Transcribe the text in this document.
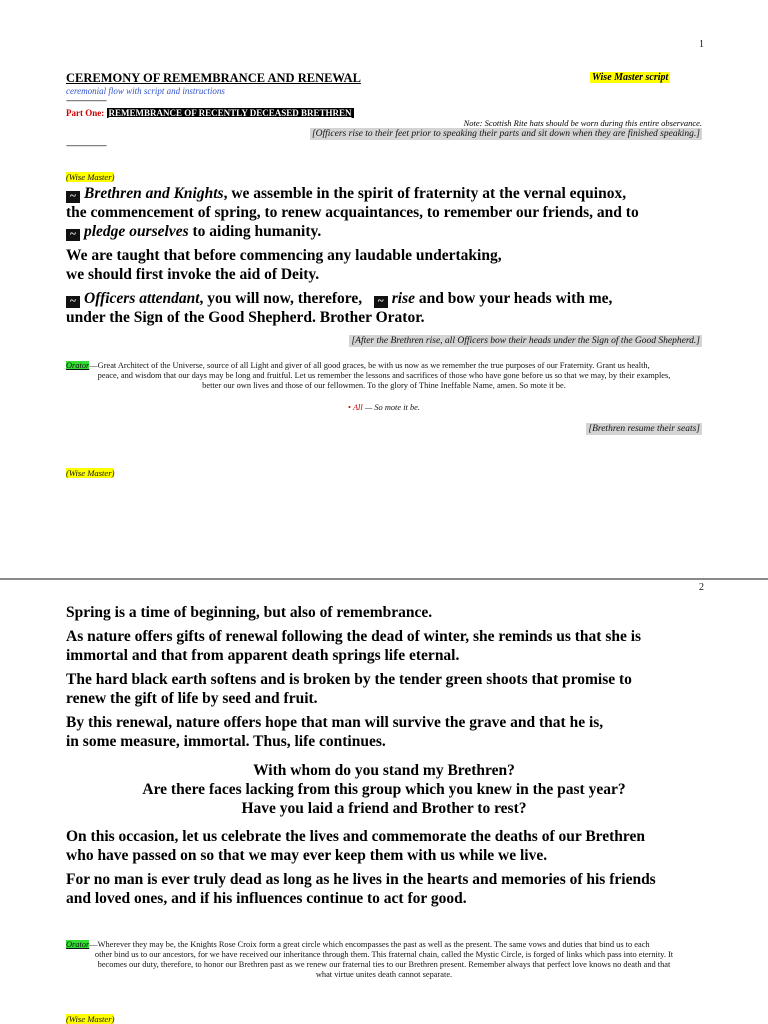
1
CEREMONY OF REMEMBRANCE AND RENEWAL	Wise Master script
ceremonial flow with script and instructions
------------------------
Part One: REMEMBRANCE OF RECENTLY DECEASED BRETHREN
Note: Scottish Rite hats should be worn during this entire observance.
[Officers rise to their feet prior to speaking their parts and sit down when they are finished speaking.]
------------------------
(Wise Master)
~ Brethren and Knights, we assemble in the spirit of fraternity at the vernal equinox,
the commencement of spring, to renew acquaintances, to remember our friends, and to
~ pledge ourselves to aiding humanity.
We are taught that before commencing any laudable undertaking,
we should first invoke the aid of Deity.
~ Officers attendant, you will now, therefore, ~ rise and bow your heads with me,
under the Sign of the Good Shepherd. Brother Orator.
[After the Brethren rise, all Officers bow their heads under the Sign of the Good Shepherd.]
Orator—Great Architect of the Universe, source of all Light and giver of all good graces, be with us now as we remember the true purposes of our Fraternity. Grant us health,
peace, and wisdom that our days may be long and fruitful. Let us remember the lessons and sacrifices of those who have gone before us so that we may, by their examples,
better our own lives and those of our fellowmen. To the glory of Thine Ineffable Name, amen. So mote it be.
• All — So mote it be.
[Brethren resume their seats]
(Wise Master)
2
Spring is a time of beginning, but also of remembrance.
As nature offers gifts of renewal following the dead of winter, she reminds us that she is
immortal and that from apparent death springs life eternal.
The hard black earth softens and is broken by the tender green shoots that promise to
renew the gift of life by seed and fruit.
By this renewal, nature offers hope that man will survive the grave and that he is,
in some measure, immortal. Thus, life continues.
With whom do you stand my Brethren?
Are there faces lacking from this group which you knew in the past year?
Have you laid a friend and Brother to rest?
On this occasion, let us celebrate the lives and commemorate the deaths of our Brethren
who have passed on so that we may ever keep them with us while we live.
For no man is ever truly dead as long as he lives in the hearts and memories of his friends
and loved ones, and if his influences continue to act for good.
Orator—Wherever they may be, the Knights Rose Croix form a great circle which encompasses the past as well as the present. The same vows and duties that bind us to each
other bind us to our ancestors, for we have received our inheritance through them. This fraternal chain, called the Mystic Circle, is forged of links which pass into eternity. It
becomes our duty, therefore, to honor our Brethren past as we renew our fraternal ties to our Brethren present. Remember always that perfect love knows no death and that
what virtue unites death cannot separate.
(Wise Master)
